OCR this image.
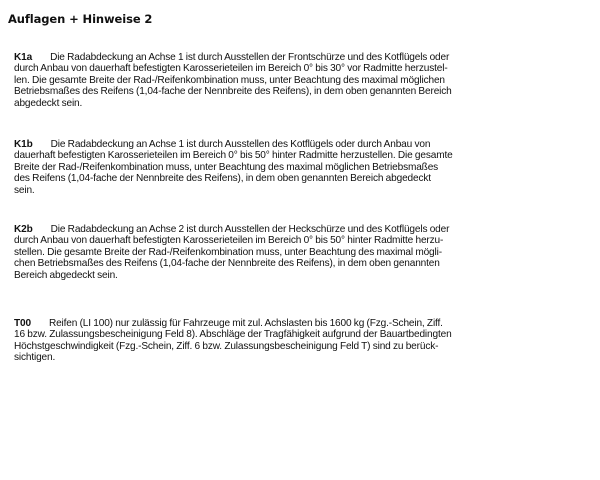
Auflagen + Hinweise 2
K1a Die Radabdeckung an Achse 1 ist durch Ausstellen der Frontschürze und des Kotflügels oder
durch Anbau von dauerhaft befestigten Karosserieteilen im Bereich 0° bis 30° vor Radmitte herzustel-
len. Die gesamte Breite der Rad-/Reifenkombination muss, unter Beachtung des maximal möglichen
Betriebsmaßes des Reifens (1,04-fache der Nennbreite des Reifens), in dem oben genannten Bereich
abgedeckt sein.
K1b Die Radabdeckung an Achse 1 ist durch Ausstellen des Kotflügels oder durch Anbau von
dauerhaft befestigten Karosserieteilen im Bereich 0° bis 50° hinter Radmitte herzustellen. Die gesamte
Breite der Rad-/Reifenkombination muss, unter Beachtung des maximal möglichen Betriebsmaßes
des Reifens (1,04-fache der Nennbreite des Reifens), in dem oben genannten Bereich abgedeckt
sein.
K2b Die Radabdeckung an Achse 2 ist durch Ausstellen der Heckschürze und des Kotflügels oder
durch Anbau von dauerhaft befestigten Karosserieteilen im Bereich 0° bis 50° hinter Radmitte herzu-
stellen. Die gesamte Breite der Rad-/Reifenkombination muss, unter Beachtung des maximal mögli-
chen Betriebsmaßes des Reifens (1,04-fache der Nennbreite des Reifens), in dem oben genannten
Bereich abgedeckt sein.
T00 Reifen (LI 100) nur zulässig für Fahrzeuge mit zul. Achslasten bis 1600 kg (Fzg.-Schein, Ziff.
16 bzw. Zulassungsbescheinigung Feld 8). Abschläge der Tragfähigkeit aufgrund der Bauartbedingten
Höchstgeschwindigkeit (Fzg.-Schein, Ziff. 6 bzw. Zulassungsbescheinigung Feld T) sind zu berück-
sichtigen.
